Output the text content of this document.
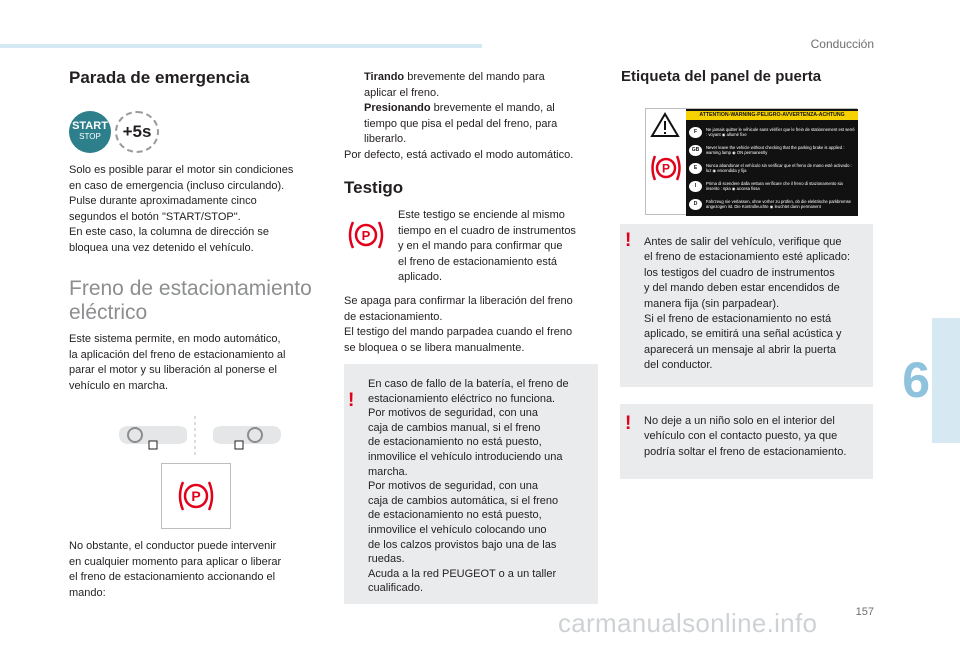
Conducción
Parada de emergencia
START
STOP	+5s
Solo es posible parar el motor sin condiciones
en caso de emergencia (incluso circulando).
Pulse durante aproximadamente cinco
segundos el botón "START/STOP".
En este caso, la columna de dirección se
bloquea una vez detenido el vehículo.
Freno de estacionamiento
eléctrico
Este sistema permite, en modo automático,
la aplicación del freno de estacionamiento al
parar el motor y su liberación al ponerse el
vehículo en marcha.
P
No obstante, el conductor puede intervenir
en cualquier momento para aplicar o liberar
el freno de estacionamiento accionando el
mando:
Tirando brevemente del mando para
aplicar el freno.
Presionando brevemente el mando, al
tiempo que pisa el pedal del freno, para
liberarlo.
Por defecto, está activado el modo automático.
Testigo
P
Este testigo se enciende al mismo
tiempo en el cuadro de instrumentos
y en el mando para confirmar que
el freno de estacionamiento está
aplicado.
Se apaga para confirmar la liberación del freno
de estacionamiento.
El testigo del mando parpadea cuando el freno
se bloquea o se libera manualmente.
!
En caso de fallo de la batería, el freno de
estacionamiento eléctrico no funciona.
Por motivos de seguridad, con una
caja de cambios manual, si el freno
de estacionamiento no está puesto,
inmovilice el vehículo introduciendo una
marcha.
Por motivos de seguridad, con una
caja de cambios automática, si el freno
de estacionamiento no está puesto,
inmovilice el vehículo colocando uno
de los calzos provistos bajo una de las
ruedas.
Acuda a la red PEUGEOT o a un taller
cualificado.
Etiqueta del panel de puerta
ATTENTION-WARNING-PELIGRO-AVVERTENZA-ACHTUNG
F	Ne jamais quitter le véhicule sans vérifier que le frein de stationnement est serré : voyant ◉ allumé fixe
GB	Never leave the vehicle without checking that the parking brake is applied : warning lamp ◉ ON permanently
E	Nunca abandonar el vehículo sin verificar que el freno de mano esté activado : luz ◉ encendida y fija
I	Prima di scendere dalla vettura verificare che il freno di stazionamento sia inserito : spia ◉ accesa fissa
D	Fahrzeug nie verlassen, ohne vorher zu prüfen, ob die elektrische parkbremse angezogen ist. Die Kontrolleuchte ◉ leuchtet dann permanent
P
! Antes de salir del vehículo, verifique que
el freno de estacionamiento esté aplicado:
los testigos del cuadro de instrumentos
y del mando deben estar encendidos de
manera fija (sin parpadear).
Si el freno de estacionamiento no está
aplicado, se emitirá una señal acústica y
aparecerá un mensaje al abrir la puerta
del conductor.
! No deje a un niño solo en el interior del
vehículo con el contacto puesto, ya que
podría soltar el freno de estacionamiento.
6
157
carmanualsonline.info
